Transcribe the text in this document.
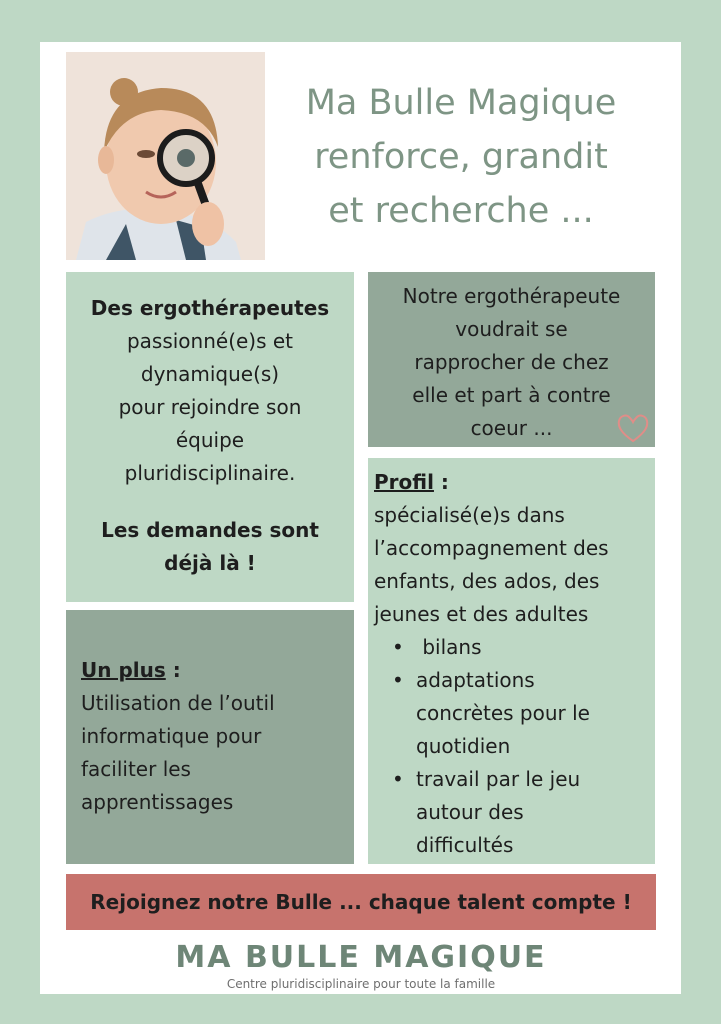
Ma Bulle Magique
renforce, grandit
et recherche ...
Des ergothérapeutes
passionné(e)s et
dynamique(s)
pour rejoindre son
équipe
pluridisciplinaire.
Les demandes sont
déjà là !
Notre ergothérapeute
voudrait se
rapprocher de chez
elle et part à contre
coeur ...
Un plus :
Utilisation de l’outil
informatique pour
faciliter les
apprentissages
Profil :
spécialisé(e)s dans
l’accompagnement des
enfants, des ados, des
jeunes et des adultes
•  bilans
• adaptations
concrètes pour le
quotidien
• travail par le jeu
autour des
difficultés
Rejoignez notre Bulle ... chaque talent compte !
MA BULLE MAGIQUE
Centre pluridisciplinaire pour toute la famille
